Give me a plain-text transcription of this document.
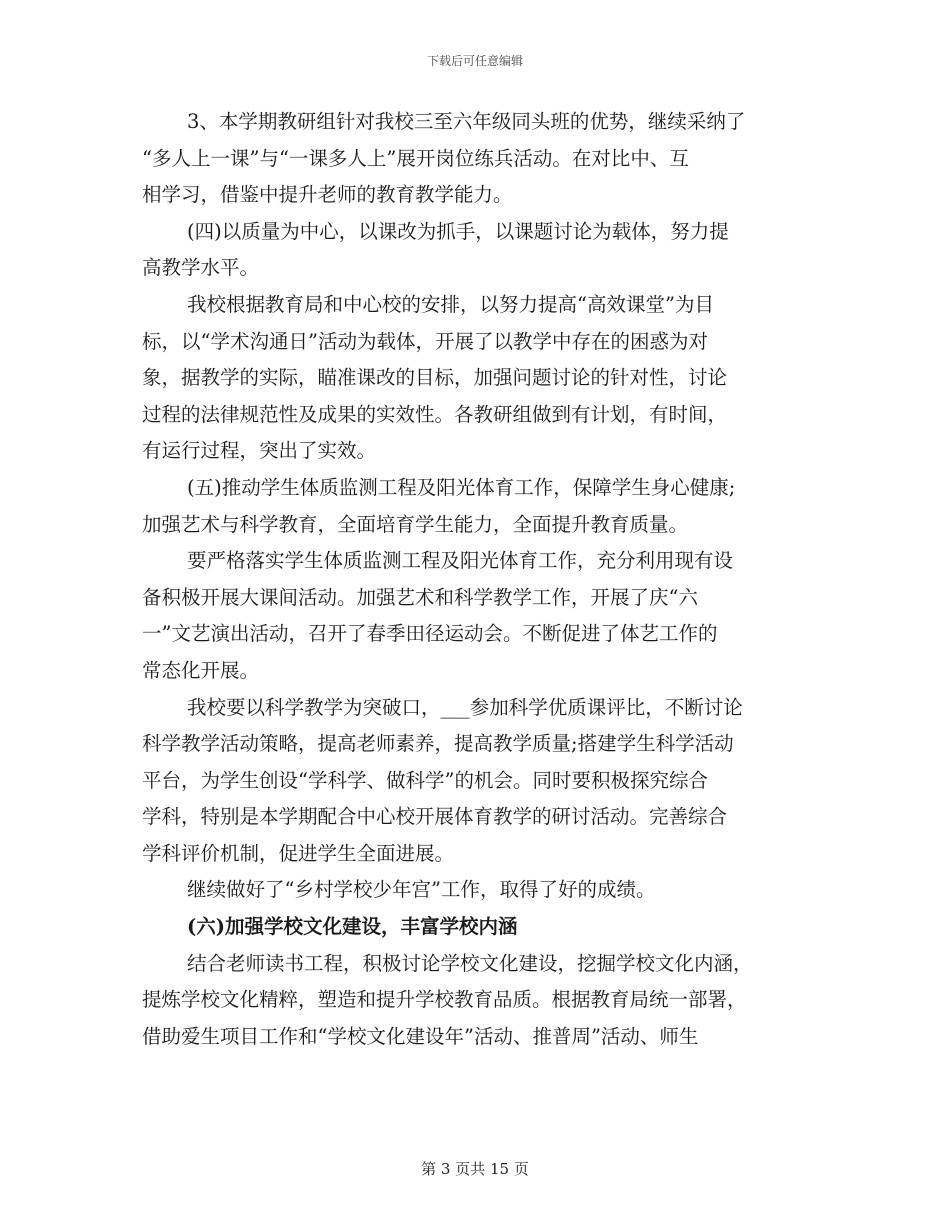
下载后可任意编辑
3、本学期教研组针对我校三至六年级同头班的优势，继续采纳了
“多人上一课”与“一课多人上”展开岗位练兵活动。在对比中、互
相学习，借鉴中提升老师的教育教学能力。
(四)以质量为中心，以课改为抓手，以课题讨论为载体，努力提
高教学水平。
我校根据教育局和中心校的安排，以努力提高“高效课堂”为目
标，以“学术沟通日”活动为载体，开展了以教学中存在的困惑为对
象，据教学的实际，瞄准课改的目标，加强问题讨论的针对性，讨论
过程的法律规范性及成果的实效性。各教研组做到有计划，有时间，
有运行过程，突出了实效。
(五)推动学生体质监测工程及阳光体育工作，保障学生身心健康;
加强艺术与科学教育，全面培育学生能力，全面提升教育质量。
要严格落实学生体质监测工程及阳光体育工作，充分利用现有设
备积极开展大课间活动。加强艺术和科学教学工作，开展了庆“六
一”文艺演出活动，召开了春季田径运动会。不断促进了体艺工作的
常态化开展。
我校要以科学教学为突破口，___参加科学优质课评比，不断讨论
科学教学活动策略，提高老师素养，提高教学质量;搭建学生科学活动
平台，为学生创设“学科学、做科学”的机会。同时要积极探究综合
学科，特别是本学期配合中心校开展体育教学的研讨活动。完善综合
学科评价机制，促进学生全面进展。
继续做好了“乡村学校少年宫”工作，取得了好的成绩。
(六)加强学校文化建设，丰富学校内涵
结合老师读书工程，积极讨论学校文化建设，挖掘学校文化内涵，
提炼学校文化精粹，塑造和提升学校教育品质。根据教育局统一部署，
借助爱生项目工作和“学校文化建设年”活动、推普周”活动、师生
第 3 页共 15 页
